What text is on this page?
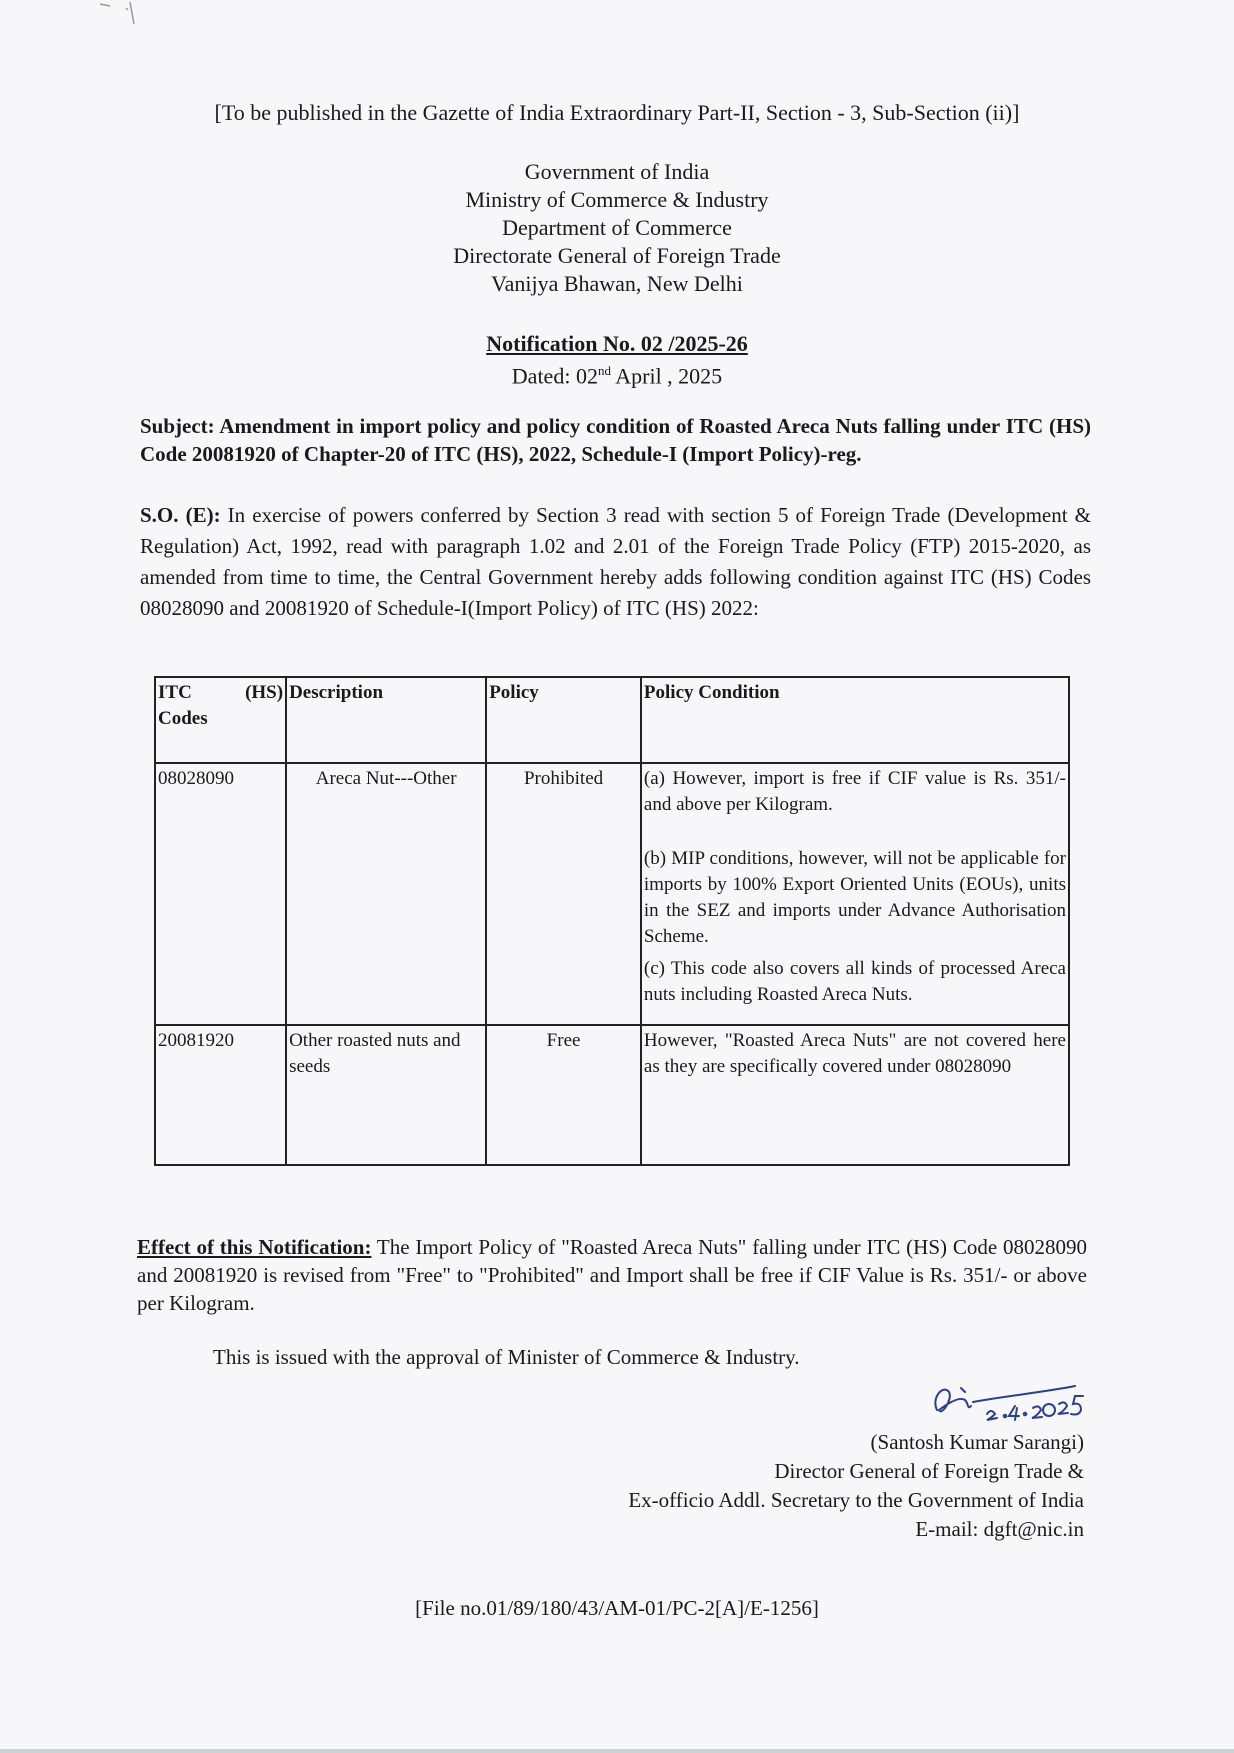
[To be published in the Gazette of India Extraordinary Part-II, Section - 3, Sub-Section (ii)]
Government of India
Ministry of Commerce & Industry
Department of Commerce
Directorate General of Foreign Trade
Vanijya Bhawan, New Delhi
Notification No. 02 /2025-26
Dated: 02nd April , 2025
Subject: Amendment in import policy and policy condition of Roasted Areca Nuts falling under ITC (HS) Code 20081920 of Chapter-20 of ITC (HS), 2022, Schedule-I (Import Policy)-reg.
S.O. (E): In exercise of powers conferred by Section 3 read with section 5 of Foreign Trade (Development & Regulation) Act, 1992, read with paragraph 1.02 and 2.01 of the Foreign Trade Policy (FTP) 2015-2020, as amended from time to time, the Central Government hereby adds following condition against ITC (HS) Codes 08028090 and 20081920 of Schedule-I(Import Policy) of ITC (HS) 2022:
ITC (HS)
Codes	Description	Policy	Policy Condition
08028090	Areca Nut---Other	Prohibited	(a) However, import is free if CIF value is Rs. 351/- and above per Kilogram.
(b) MIP conditions, however, will not be applicable for imports by 100% Export Oriented Units (EOUs), units in the SEZ and imports under Advance Authorisation Scheme.
(c) This code also covers all kinds of processed Areca nuts including Roasted Areca Nuts.

20081920	Other roasted nuts and seeds	Free	However, "Roasted Areca Nuts" are not covered here as they are specifically covered under 08028090
Effect of this Notification: The Import Policy of "Roasted Areca Nuts" falling under ITC (HS) Code 08028090 and 20081920 is revised from "Free" to "Prohibited" and Import shall be free if CIF Value is Rs. 351/- or above per Kilogram.
This is issued with the approval of Minister of Commerce & Industry.
(Santosh Kumar Sarangi)
Director General of Foreign Trade &
Ex-officio Addl. Secretary to the Government of India
E-mail: dgft@nic.in
[File no.01/89/180/43/AM-01/PC-2[A]/E-1256]
